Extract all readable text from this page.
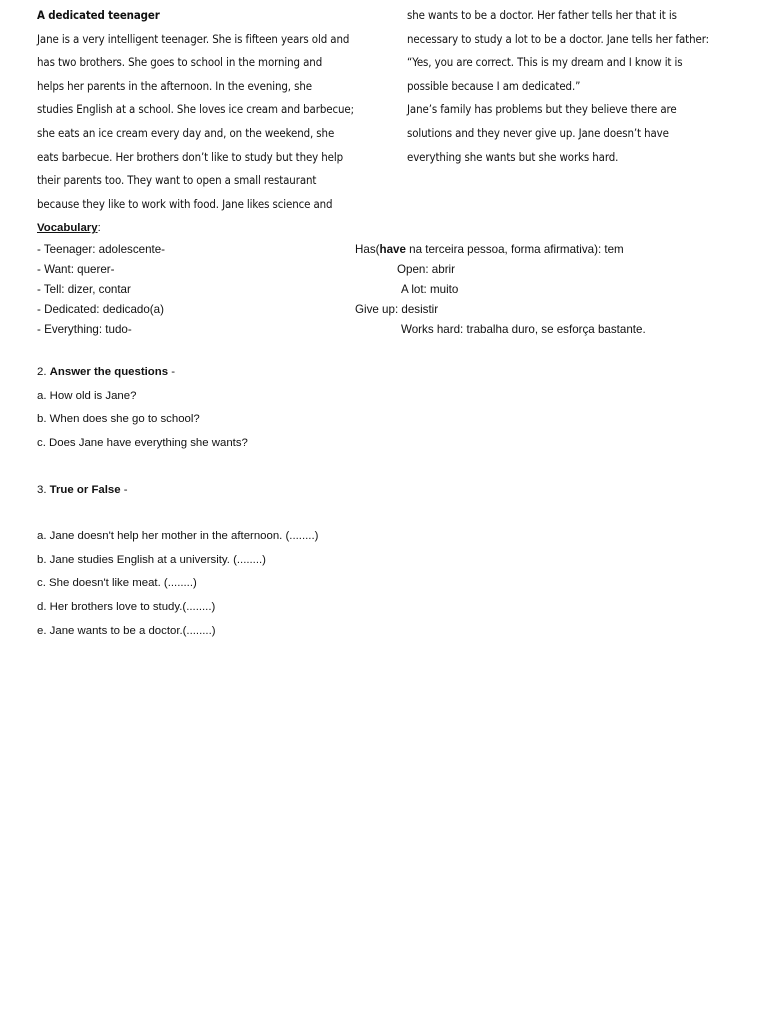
A dedicated teenager
Jane is a very intelligent teenager. She is fifteen years old and
has two brothers. She goes to school in the morning and
helps her parents in the afternoon. In the evening, she
studies English at a school. She loves ice cream and barbecue;
she eats an ice cream every day and, on the weekend, she
eats barbecue. Her brothers don’t like to study but they help
their parents too. They want to open a small restaurant
because they like to work with food. Jane likes science and
she wants to be a doctor. Her father tells her that it is
necessary to study a lot to be a doctor. Jane tells her father:
“Yes, you are correct. This is my dream and I know it is
possible because I am dedicated.”
Jane’s family has problems but they believe there are
solutions and they never give up. Jane doesn’t have
everything she wants but she works hard.
Vocabulary:
- Teenager: adolescente-
- Want: querer-
- Tell: dizer, contar
- Dedicated: dedicado(a)
- Everything: tudo-
Has(have na terceira pessoa, forma afirmativa): tem
Open: abrir
A lot: muito
Give up: desistir
Works hard: trabalha duro, se esforça bastante.
2. Answer the questions -
a. How old is Jane?
b. When does she go to school?
c. Does Jane have everything she wants?
3. True or False -
a. Jane doesn't help her mother in the afternoon. (........)
b. Jane studies English at a university. (........)
c. She doesn't like meat. (........)
d. Her brothers love to study.(........)
e. Jane wants to be a doctor.(........)
